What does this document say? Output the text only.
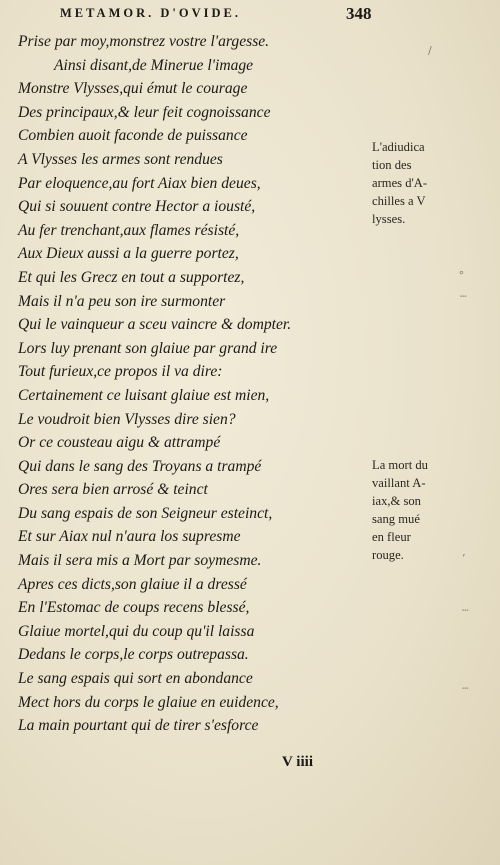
METAMOR. D'OVIDE.	348
Prise par moy,monstrez vostre l'argesse.
Ainsi disant,de Minerue l'image
Monstre Vlysses,qui émut le courage
Des principaux,& leur feit cognoissance
Combien auoit faconde de puissance
A Vlysses les armes sont rendues
Par eloquence,au fort Aiax bien deues,
Qui si souuent contre Hector a iousté,
Au fer trenchant,aux flames résisté,
Aux Dieux aussi a la guerre portez,
Et qui les Grecz en tout a supportez,
Mais il n'a peu son ire surmonter
Qui le vainqueur a sceu vaincre & dompter.
Lors luy prenant son glaiue par grand ire
Tout furieux,ce propos il va dire:
Certainement ce luisant glaiue est mien,
Le voudroit bien Vlysses dire sien?
Or ce cousteau aigu & attrampé
Qui dans le sang des Troyans a trampé
Ores sera bien arrosé & teinct
Du sang espais de son Seigneur esteinct,
Et sur Aiax nul n'aura los supresme
Mais il sera mis a Mort par soymesme.
Apres ces dicts,son glaiue il a dressé
En l'Estomac de coups recens blessé,
Glaiue mortel,qui du coup qu'il laissa
Dedans le corps,le corps outrepassa.
Le sang espais qui sort en abondance
Mect hors du corps le glaiue en euidence,
La main pourtant qui de tirer s'esforce
V iiii
L'adiudica
tion des
armes d'A-
chilles a V
lysses.
La mort du
vaillant A-
iax,& son
sang mué
en fleur
rouge.
∕
∘
┄
ʼ
┄
┄
